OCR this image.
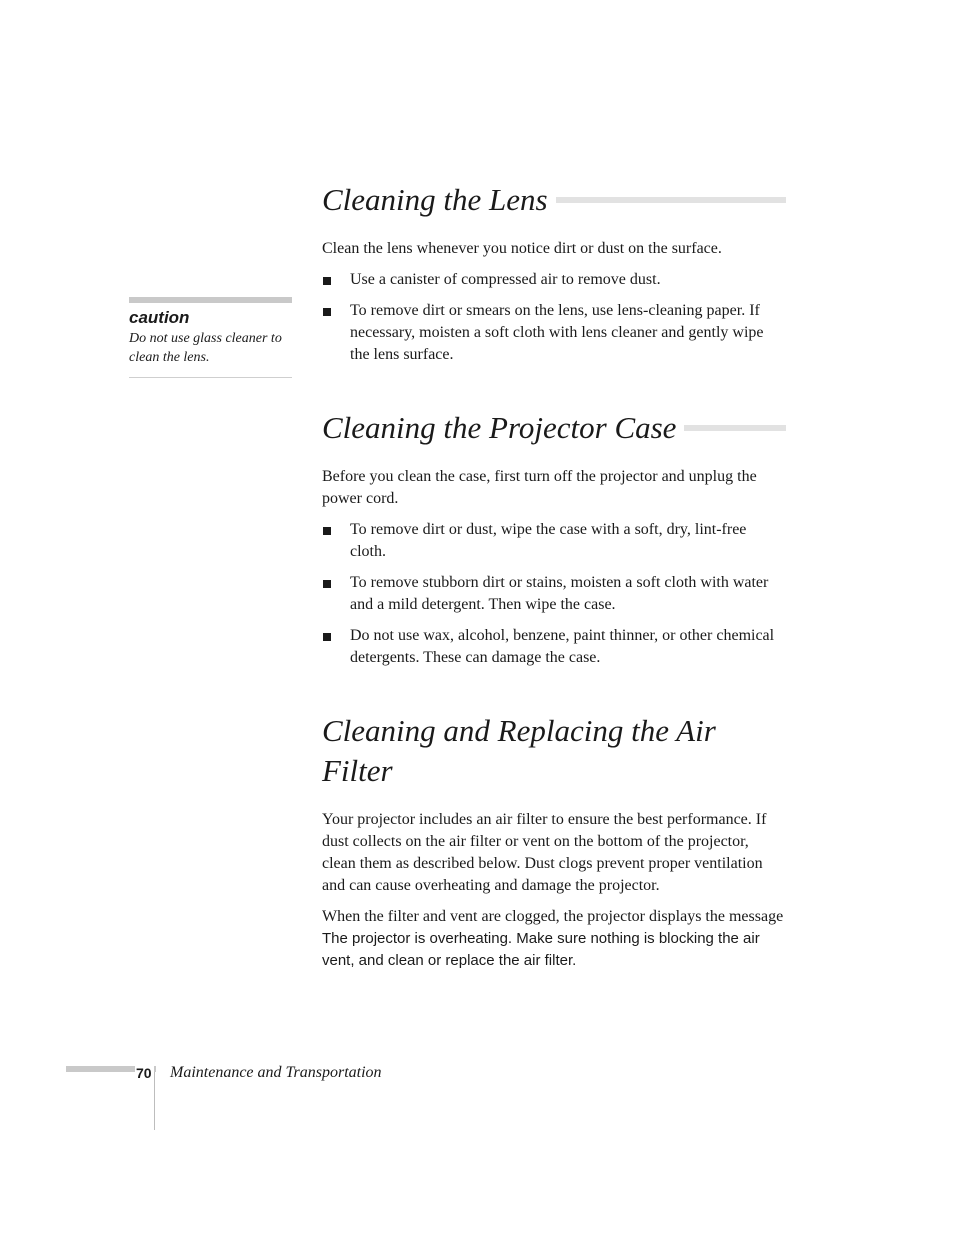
caution
Do not use glass cleaner to clean the lens.
Cleaning the Lens

Clean the lens whenever you notice dirt or dust on the surface.

Use a canister of compressed air to remove dust.
To remove dirt or smears on the lens, use lens-cleaning paper. If necessary, moisten a soft cloth with lens cleaner and gently wipe the lens surface.
Cleaning the Projector Case

Before you clean the case, first turn off the projector and unplug the power cord.

To remove dirt or dust, wipe the case with a soft, dry, lint-free cloth.
To remove stubborn dirt or stains, moisten a soft cloth with water and a mild detergent. Then wipe the case.
Do not use wax, alcohol, benzene, paint thinner, or other chemical detergents. These can damage the case.
Cleaning and Replacing the Air Filter

Your projector includes an air filter to ensure the best performance. If dust collects on the air filter or vent on the bottom of the projector, clean them as described below. Dust clogs prevent proper ventilation and can cause overheating and damage the projector.

When the filter and vent are clogged, the projector displays the message The projector is overheating. Make sure nothing is blocking the air vent, and clean or replace the air filter.

70 Maintenance and Transportation
